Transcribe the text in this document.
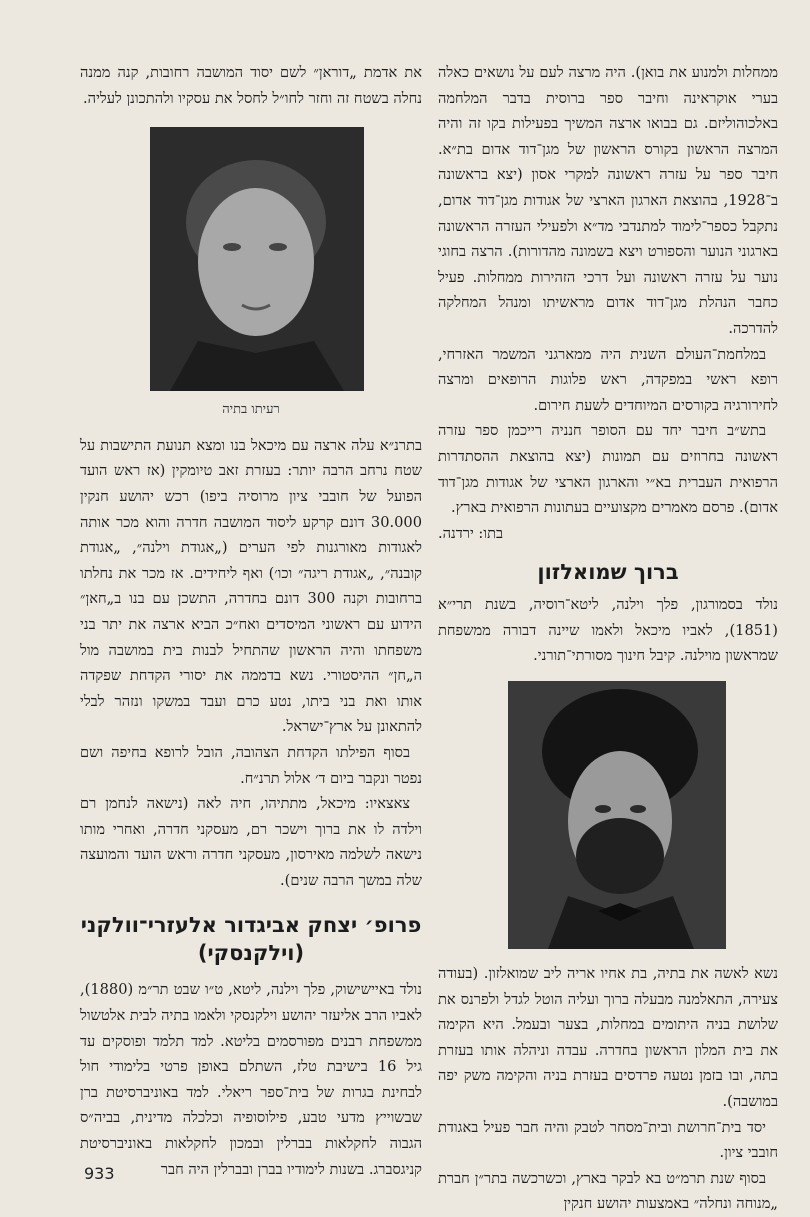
ממחלות ולמנוע את בואן). היה מרצה לעם על נושאים כאלה בערי אוקראינה וחיבר ספר ברוסית בדבר המלחמה באלכוהוליזם. גם בבואו ארצה המשיך בפעילות בקו זה והיה המרצה הראשון בקורס הראשון של מגן־דוד אדום בת״א. חיבר ספר על עזרה ראשונה למקרי אסון (יצא בראשונה ב־1928, בהוצאת הארגון הארצי של אגודות מגן־דוד אדום, נתקבל כספר־לימוד למתנדבי מד״א ולפעילי העזרה הראשונה בארגוני הנוער והספורט ויצא בשמונה מהדורות). הרצה בחוגי נוער על עזרה ראשונה ועל דרכי הזהירות ממחלות. פעיל כחבר הנהלת מגן־דוד אדום מראשיתו ומנהל המחלקה להדרכה.

במלחמת־העולם השנית היה ממארגני המשמר האזרחי, רופא ראשי במפקדה, ראש פלוגות הרופאים ומרצה לחירורגיה בקורסים המיוחדים לשעת חירום.

בתש״ב חיבר יחד עם הסופר חנניה רייכמן ספר עזרה ראשונה בחרוזים עם תמונות (יצא בהוצאת ההסתדרות הרפואית העברית בא״י והארגון הארצי של אגודות מגן־דוד אדום). פרסם מאמרים מקצועיים בעתונות הרפואית בארץ.

בתו: ירדנה.
ברוך שמואלזון

נולד בסמורגון, פלך וילנה, ליטא־רוסיה, בשנת תרי״א (1851), לאביו מיכאל ולאמו שיינה דבורה ממשפחת שמראשון מוילנה. קיבל חינוך מסורתי־תורני.

נשא לאשה את בתיה, בת אחיו אריה ליב שמואלזון. (בעודה צעירה, התאלמנה מבעלה ברוך ועליה הוטל לגדל ולפרנס את שלושת בניה היתומים במחלות, בצער ובעמל. היא הקימה את בית המלון הראשון בחדרה. עבדה וניהלה אותו בעזרת בתה, ובו בזמן נטעה פרדסים בעזרת בניה והקימה משק יפה במושבה).

יסד בית־חרושת ובית־מסחר לטבק והיה חבר פעיל באגודת חובבי ציון.

בסוף שנת תרמ״ט בא לבקר בארץ, וכשרכשה בתר״ן חברת „מנוחה ונחלה״ באמצעות יהושע חנקין

את אדמת „דוראן״ לשם יסוד המושבה רחובות, קנה ממנה נחלה בשטח זה וחזר לחו״ל לחסל את עסקיו ולהתכונן לעליה.

רעיתו בתיה

בתרנ״א עלה ארצה עם מיכאל בנו ומצא תנועת התישבות על שטח נרחב הרבה יותר: בעזרת זאב טיומקין (אז ראש הועד הפועל של חובבי ציון מרוסיה ביפו) רכש יהושע חנקין 30.000 דונם קרקע ליסוד המושבה חדרה והוא מכר אותה לאגודות מאורגנות לפי הערים („אגודת וילנה״, „אגודת קובנה״, „אגודת ריגה״ וכו׳) ואף ליחידים. אז מכר את נחלתו ברחובות וקנה 300 דונם בחדרה, התשכן עם בנו ב„חאן״ הידוע עם ראשוני המיסדים ואח״כ הביא ארצה את יתר בני משפחתו והיה הראשון שהתחיל לבנות בית במושבה מול ה„חן״ ההיסטורי. נשא בדממה את יסורי הקדחת שפקדה אותו ואת בני ביתו, נטע כרם ועבד במשקו ונזהר לבלי להתאונן על ארץ־ישראל.

בסוף הפילתו הקדחת הצהובה, הובל לרופא בחיפה ושם נפטר ונקבר ביום ד׳ אלול תרנ״ח.

צאצאיו: מיכאל, מתתיהו, חיה לאה (נישאה לנחמן רם וילדה לו את ברוך וישכר רם, מעסקני חדרה, ואחרי מותו נישאה לשלמה מאירסון, מעסקני חדרה וראש הועד והמועצה שלה במשך הרבה שנים).

פרופ׳ יצחק אביגדור אלעזרי־וולקני (וילקנסקי)

נולד באיישישוק, פלך וילנה, ליטא, ט״ו שבט תר״מ (1880), לאביו הרב אליעזר יהושע וילקנסקי ולאמו בתיה לבית אלטשול ממשפחת רבנים מפורסמים בליטא. למד תלמד ופוסקים עד גיל 16 בישיבת טלז, השתלם באופן פרטי בלימודי חול לבחינת בגרות של בית־ספר ריאלי. למד באוניברסיטת ברן שבשוייץ מדעי טבע, פילוסופיה וכלכלה מדינית, בביה״ס הגבוה לחקלאות בברלין ובמכון לחקלאות באוניברסיטת קניגסברג. בשנות לימודיו בברן ובברלין היה חבר

933
